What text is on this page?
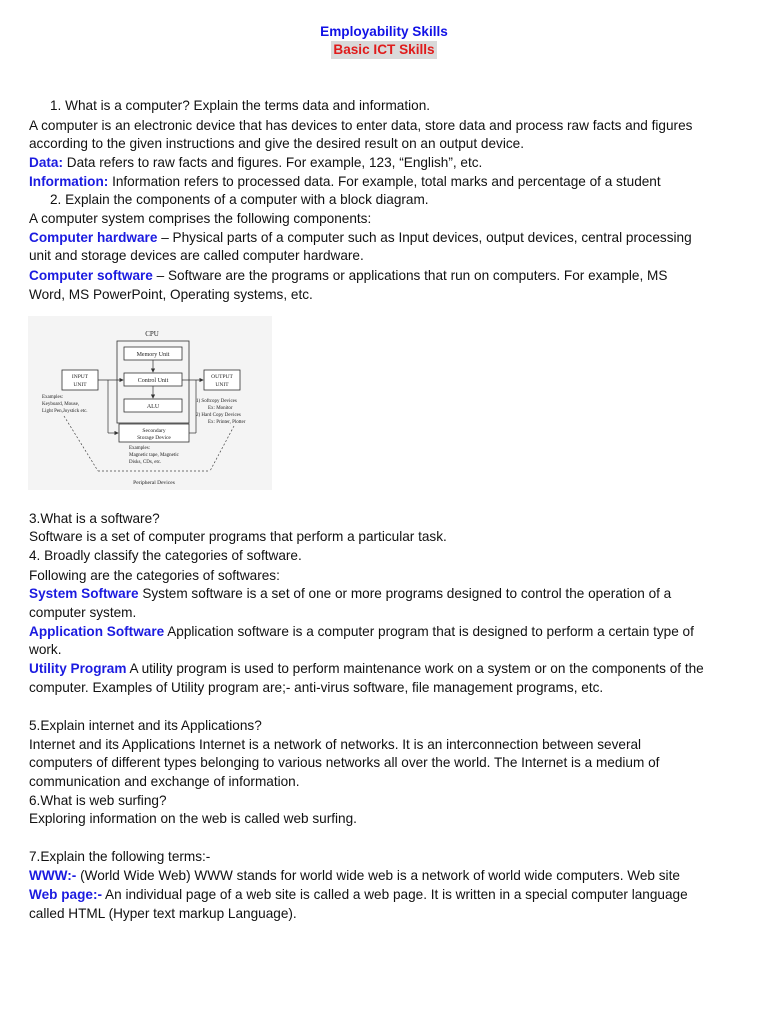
Employability Skills
Basic ICT Skills
1. What is a computer? Explain the terms data and information.
A computer is an electronic device that has devices to enter data, store data and process raw facts and figures
according to the given instructions and give the desired result on an output device.
Data: Data refers to raw facts and figures. For example, 123, “English”, etc.
Information: Information refers to processed data. For example, total marks and percentage of a student
2. Explain the components of a computer with a block diagram.
A computer system comprises the following components:
Computer hardware – Physical parts of a computer such as Input devices, output devices, central processing
unit and storage devices are called computer hardware.
Computer software – Software are the programs or applications that run on computers. For example, MS
Word, MS PowerPoint, Operating systems, etc.
CPU
Memory Unit
Control Unit
ALU
INPUT
UNIT
Examples:
Keyboard, Mouse,
Light Pen,Joystick etc.
OUTPUT
UNIT
1) Softcopy Devices
Ex: Monitor
2) Hard Copy Devices
Ex: Printer, Plotter
Secondary
Storage Device
Examples:
Magnetic tape, Magnetic
Disks, CDs, etc.
Peripheral Devices
3.What is a software?
Software is a set of computer programs that perform a particular task.
4. Broadly classify the categories of software.
Following are the categories of softwares:
System Software System software is a set of one or more programs designed to control the operation of a
computer system.
Application Software Application software is a computer program that is designed to perform a certain type of
work.
Utility Program A utility program is used to perform maintenance work on a system or on the components of the
computer. Examples of Utility program are;- anti-virus software, file management programs, etc.
5.Explain internet and its Applications?
Internet and its Applications Internet is a network of networks. It is an interconnection between several
computers of different types belonging to various networks all over the world. The Internet is a medium of
communication and exchange of information.
6.What is web surfing?
Exploring information on the web is called web surfing.
7.Explain the following terms:-
WWW:- (World Wide Web) WWW stands for world wide web is a network of world wide computers. Web site
Web page:- An individual page of a web site is called a web page. It is written in a special computer language
called HTML (Hyper text markup Language).
